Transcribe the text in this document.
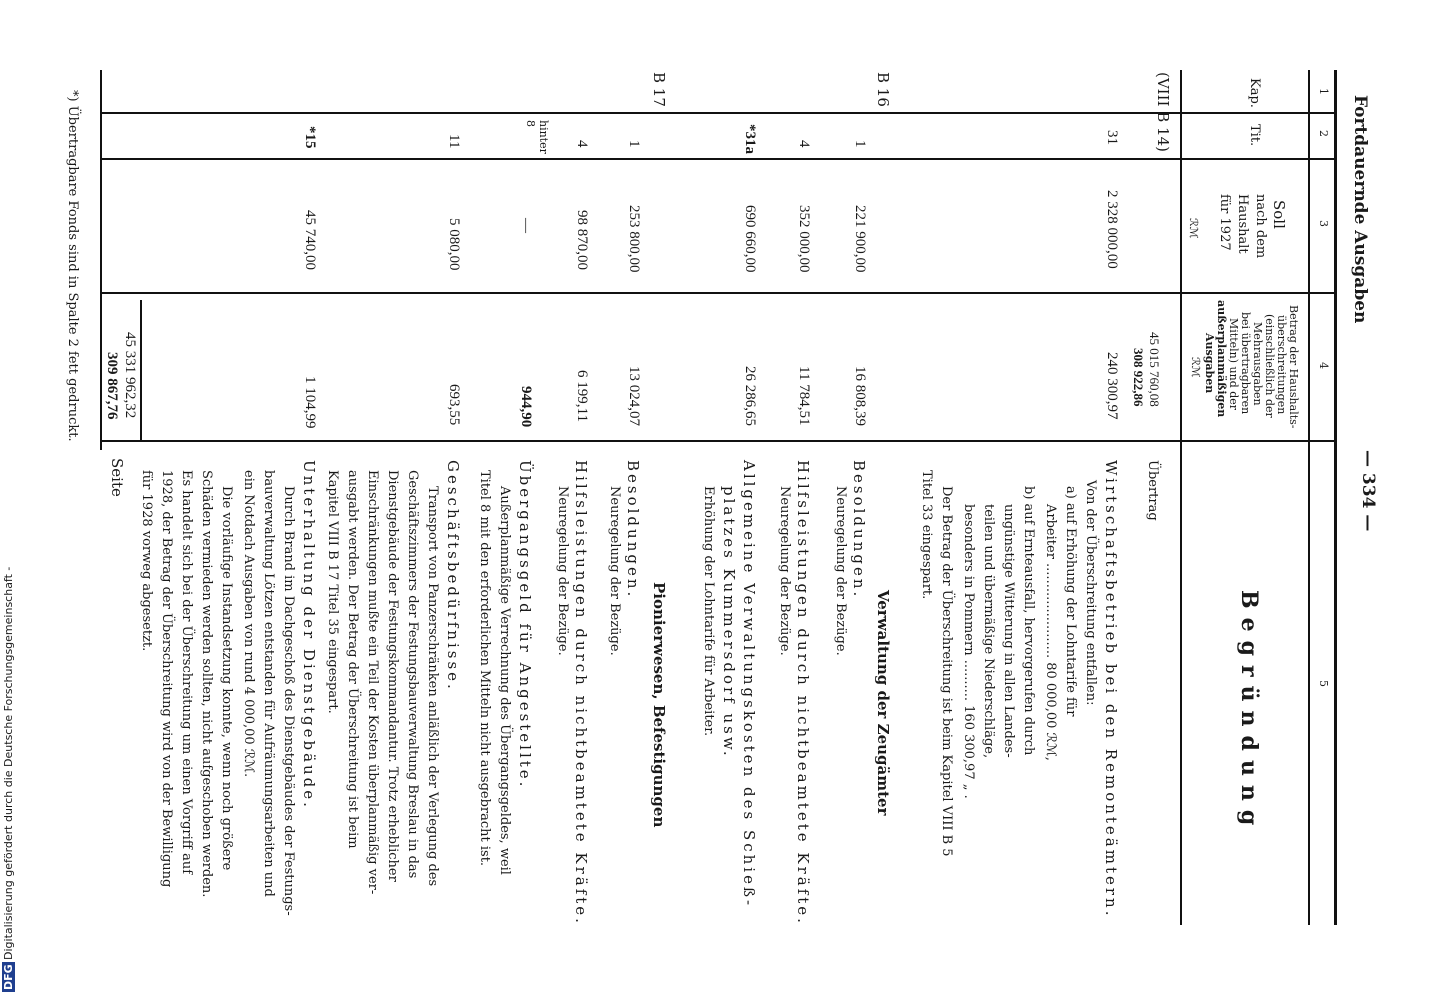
Fortdauernde Ausgaben
— 334 —
1
2
3
4
5
Kap.
Tit.
Soll
nach dem
Haushalt
für 1927
ℛℳ
Betrag der Haushalts-
überschreitungen
(einschließlich der
Mehrausgaben
bei übertragbaren
Mitteln) und der
außerplanmäßigen
Ausgaben
ℛℳ
Begründung
45 015 760,08
308 922,86
Übertrag
(VIII B 14)
31
2 328 000,00
240 300,97
Wirtschaftsbetrieb bei den Remonteämtern.
Von der Überschreitung entfallen:
a) auf Erhöhung der Lohntarife für
Arbeiter ....................... 80 000,00 ℛℳ,
b) auf Ernteausfall, hervorgerufen durch
ungünstige Witterung in allen Landes-
teilen und übermäßige Niederschläge,
besonders in Pommern .......... 160 300,97 „ .
Der Betrag der Überschreitung ist beim Kapitel VIII B 5
Titel 33 eingespart.
B 16
Verwaltung der Zeugämter
1
221 900,00
16 808,39
Besoldungen.
Neuregelung der Bezüge.
4
352 000,00
11 784,51
Hilfsleistungen durch nichtbeamtete Kräfte.
Neuregelung der Bezüge.
*31a
690 660,00
26 286,65
Allgemeine Verwaltungskosten des Schieß-
platzes Kummersdorf usw.
Erhöhung der Lohntarife für Arbeiter.
B 17
Pionierwesen, Befestigungen
1
253 800,00
13 024,07
Besoldungen.
Neuregelung der Bezüge.
4
98 870,00
6 199,11
Hilfsleistungen durch nichtbeamtete Kräfte.
Neuregelung der Bezüge.
hinter 8
—
944,90
Übergangsgeld für Angestellte.
Außerplanmäßige Verrechnung des Übergangsgeldes, weil
Titel 8 mit den erforderlichen Mitteln nicht ausgebracht ist.
11
5 080,00
693,55
Geschäftsbedürfnisse.
Transport von Panzerschränken anläßlich der Verlegung des
Geschäftszimmers der Festungsbauverwaltung Breslau in das
Dienstgebäude der Festungskommandantur. Trotz erheblicher
Einschränkungen mußte ein Teil der Kosten überplanmäßig ver-
ausgabt werden. Der Betrag der Überschreitung ist beim
Kapitel VIII B 17 Titel 35 eingespart.
*15
45 740,00
1 104,99
Unterhaltung der Dienstgebäude.
Durch Brand im Dachgeschoß des Dienstgebäudes der Festungs-
bauverwaltung Lötzen entstanden für Aufräumungsarbeiten und
ein Notdach Ausgaben von rund 4 000,00 ℛℳ.
Die vorläufige Instandsetzung konnte, wenn noch größere
Schäden vermieden werden sollten, nicht aufgeschoben werden.
Es handelt sich bei der Überschreitung um einen Vorgriff auf
1928, der Betrag der Überschreitung wird von der Bewilligung
für 1928 vorweg abgesetzt.
45 331 962,32
309 867,76
Seite
*) Übertragbare Fonds sind in Spalte 2 fett gedruckt.
Digitalisierung gefördert durch die Deutsche Forschungsgemeinschaft -
DFG
